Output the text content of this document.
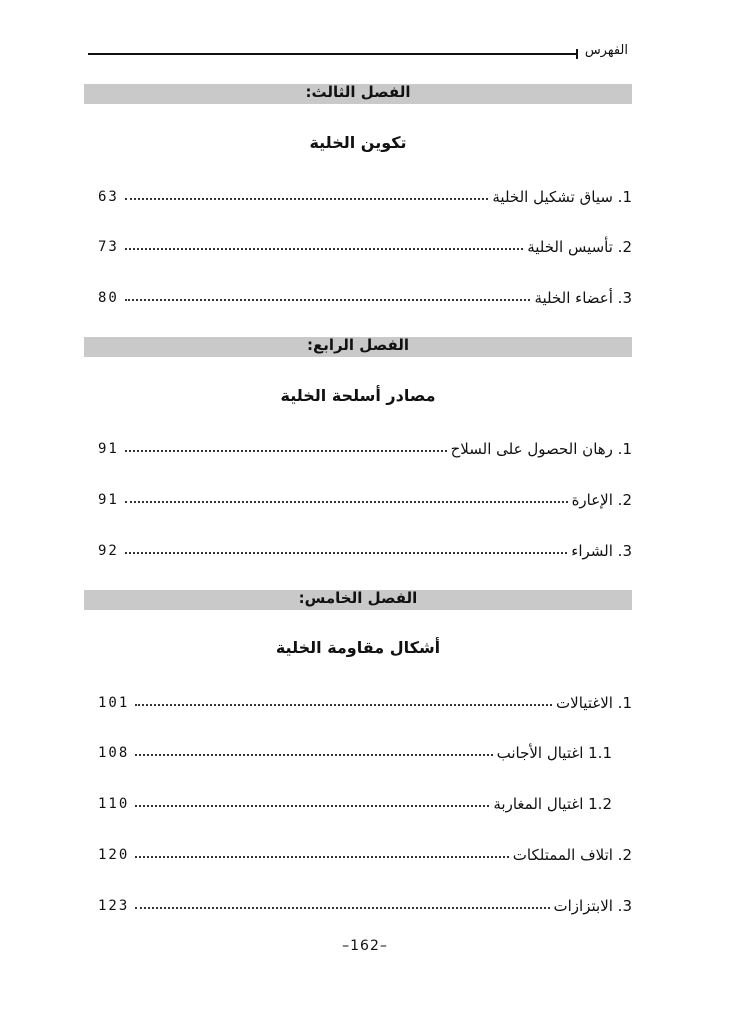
الفهرس
الفصل الثالث:
تكوين الخلية
1. سياق تشكيل الخلية
63
2. تأسيس الخلية
73
3. أعضاء الخلية
80
الفصل الرابع:
مصادر أسلحة الخلية
1. رهان الحصول على السلاح
91
2. الإعارة
91
3. الشراء
92
الفصل الخامس:
أشكال مقاومة الخلية
1. الاغتيالات
101
1.1 اغتيال الأجانب
108
1.2 اغتيال المغاربة
110
2. اتلاف الممتلكات
120
3. الابتزازات
123
–162–
